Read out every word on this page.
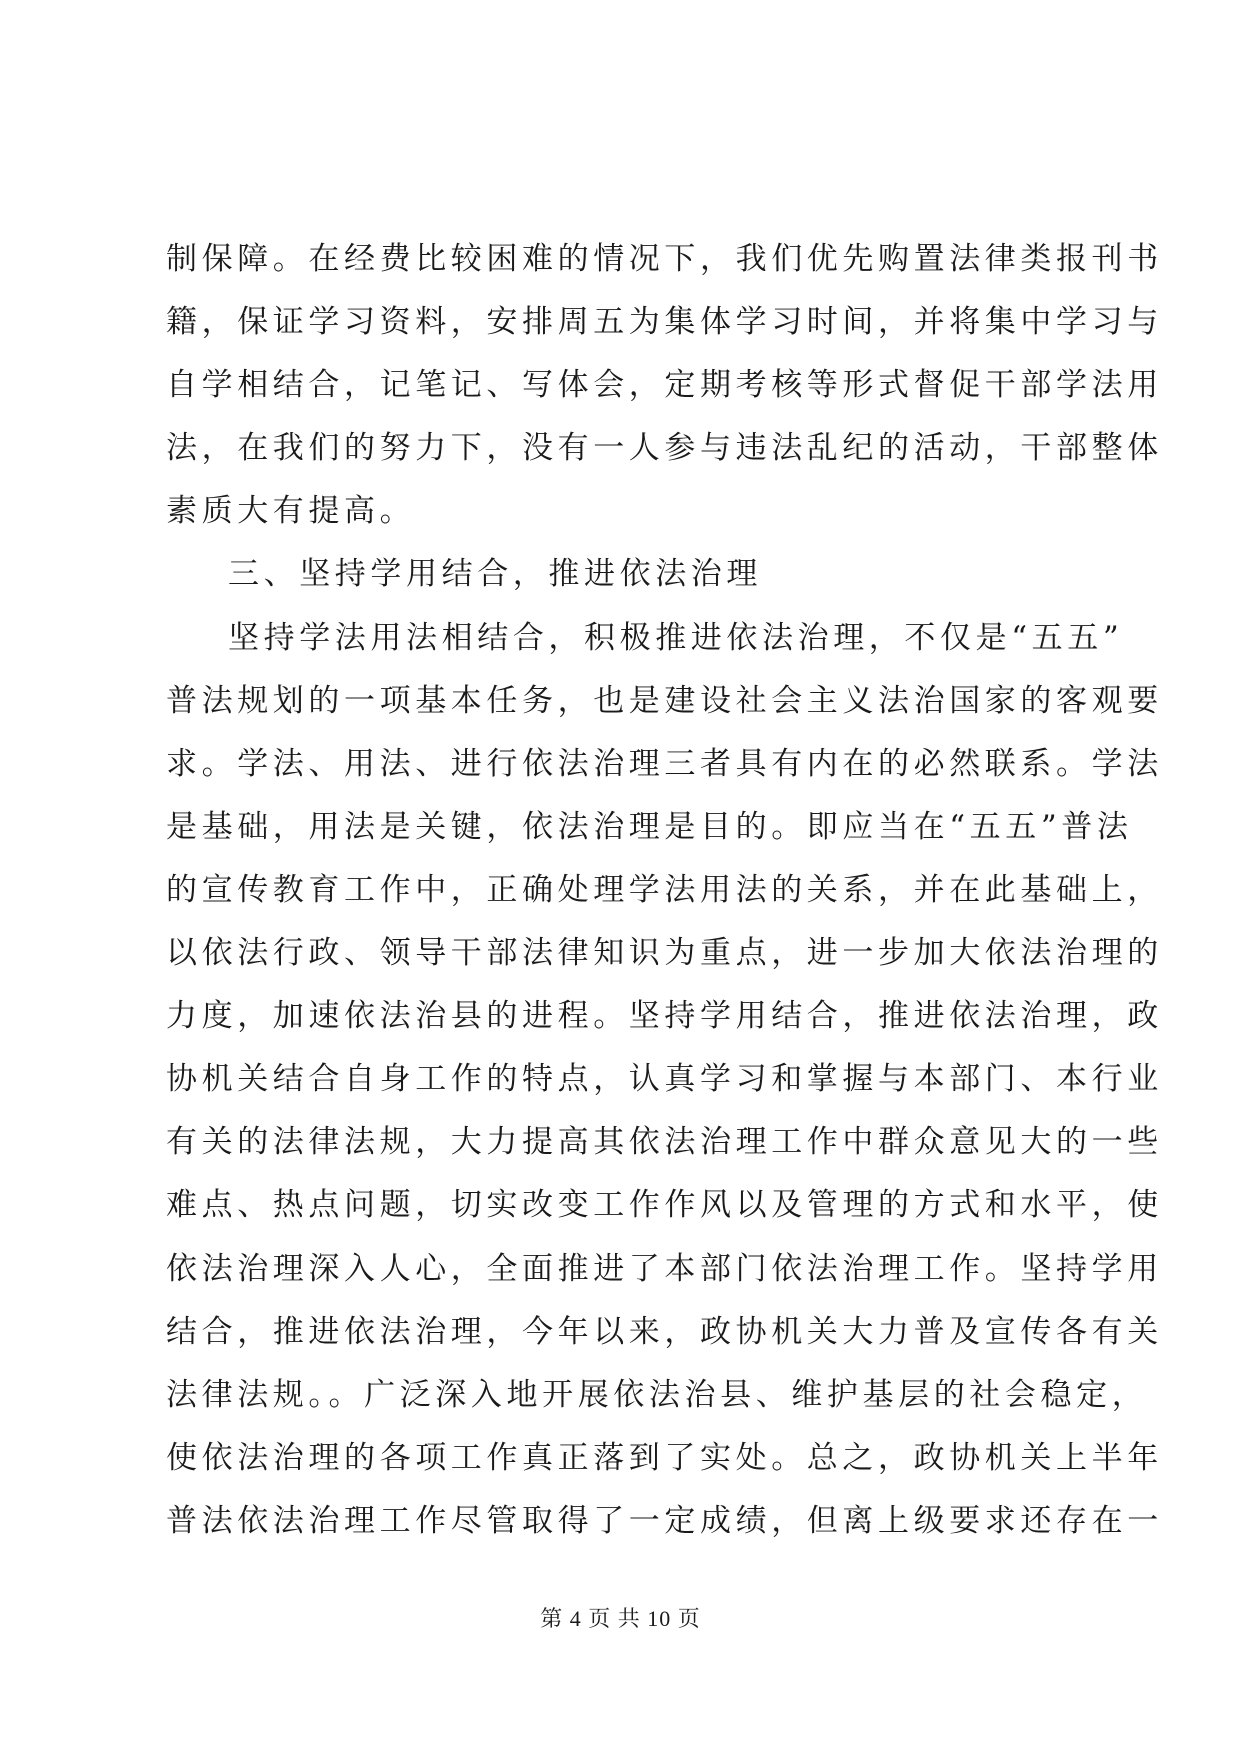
制保障。在经费比较困难的情况下，我们优先购置法律类报刊书
籍，保证学习资料，安排周五为集体学习时间，并将集中学习与
自学相结合，记笔记、写体会，定期考核等形式督促干部学法用
法，在我们的努力下，没有一人参与违法乱纪的活动，干部整体
素质大有提高。
三、坚持学用结合，推进依法治理
坚持学法用法相结合，积极推进依法治理，不仅是“五五”
普法规划的一项基本任务，也是建设社会主义法治国家的客观要
求。学法、用法、进行依法治理三者具有内在的必然联系。学法
是基础，用法是关键，依法治理是目的。即应当在“五五”普法
的宣传教育工作中，正确处理学法用法的关系，并在此基础上，
以依法行政、领导干部法律知识为重点，进一步加大依法治理的
力度，加速依法治县的进程。坚持学用结合，推进依法治理，政
协机关结合自身工作的特点，认真学习和掌握与本部门、本行业
有关的法律法规，大力提高其依法治理工作中群众意见大的一些
难点、热点问题，切实改变工作作风以及管理的方式和水平，使
依法治理深入人心，全面推进了本部门依法治理工作。坚持学用
结合，推进依法治理，今年以来，政协机关大力普及宣传各有关
法律法规。。广泛深入地开展依法治县、维护基层的社会稳定，
使依法治理的各项工作真正落到了实处。总之，政协机关上半年
普法依法治理工作尽管取得了一定成绩，但离上级要求还存在一
第 4 页 共 10 页
